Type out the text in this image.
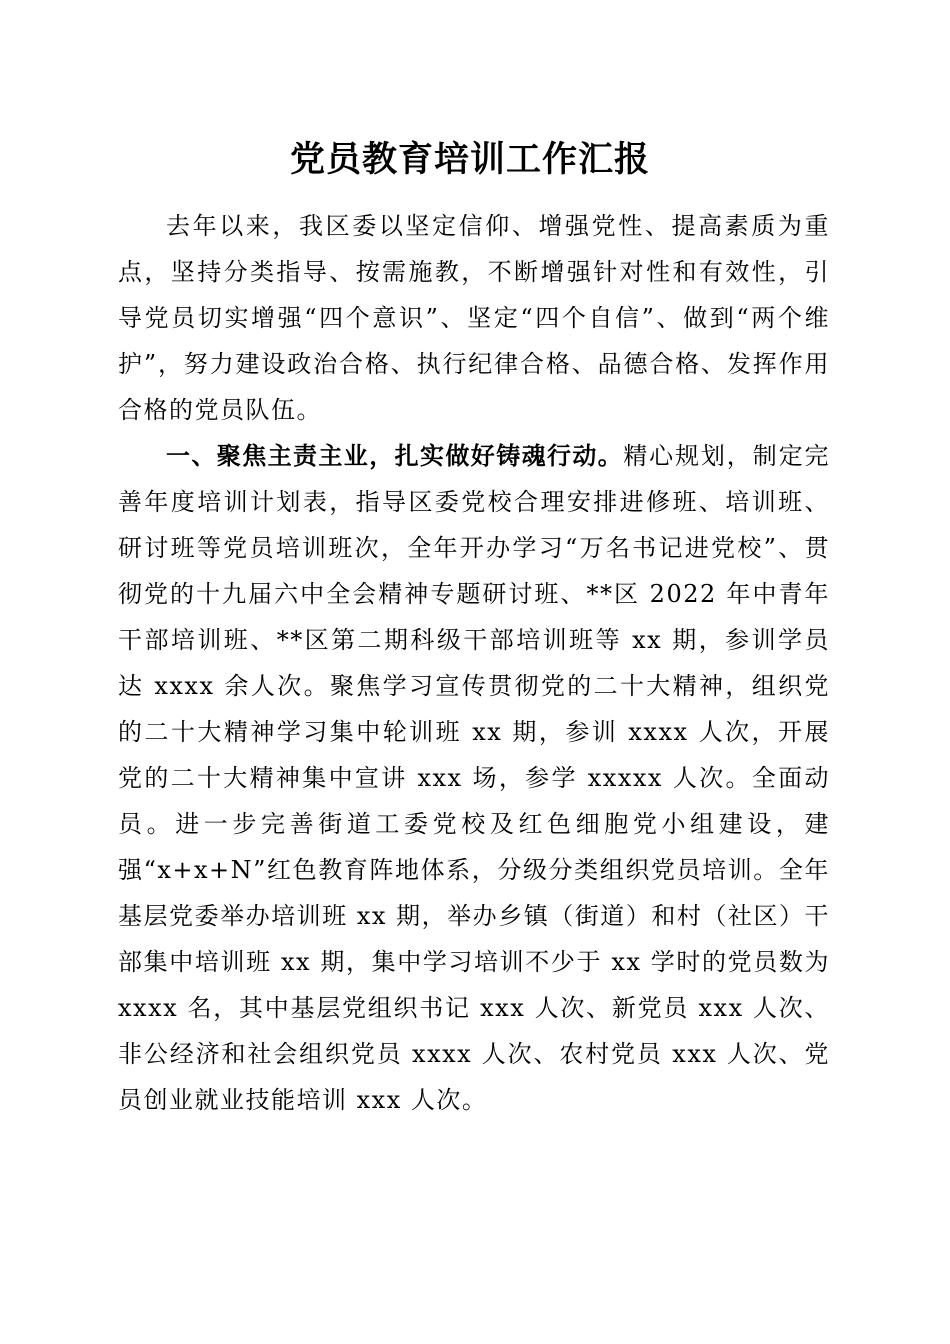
党员教育培训工作汇报

去年以来，我区委以坚定信仰、增强党性、提高素质为重点，坚持分类指导、按需施教，不断增强针对性和有效性，引导党员切实增强“四个意识”、坚定“四个自信”、做到“两个维护”，努力建设政治合格、执行纪律合格、品德合格、发挥作用合格的党员队伍。

一、聚焦主责主业，扎实做好铸魂行动。精心规划，制定完善年度培训计划表，指导区委党校合理安排进修班、培训班、研讨班等党员培训班次，全年开办学习“万名书记进党校”、贯彻党的十九届六中全会精神专题研讨班、**区 2022 年中青年干部培训班、**区第二期科级干部培训班等 xx 期，参训学员达 xxxx 余人次。聚焦学习宣传贯彻党的二十大精神，组织党的二十大精神学习集中轮训班 xx 期，参训 xxxx 人次，开展党的二十大精神集中宣讲 xxx 场，参学 xxxxx 人次。全面动员。进一步完善街道工委党校及红色细胞党小组建设，建强“x+x+N”红色教育阵地体系，分级分类组织党员培训。全年基层党委举办培训班 xx 期，举办乡镇（街道）和村（社区）干部集中培训班 xx 期，集中学习培训不少于 xx 学时的党员数为 xxxx 名，其中基层党组织书记 xxx 人次、新党员 xxx 人次、非公经济和社会组织党员 xxxx 人次、农村党员 xxx 人次、党员创业就业技能培训 xxx 人次。
